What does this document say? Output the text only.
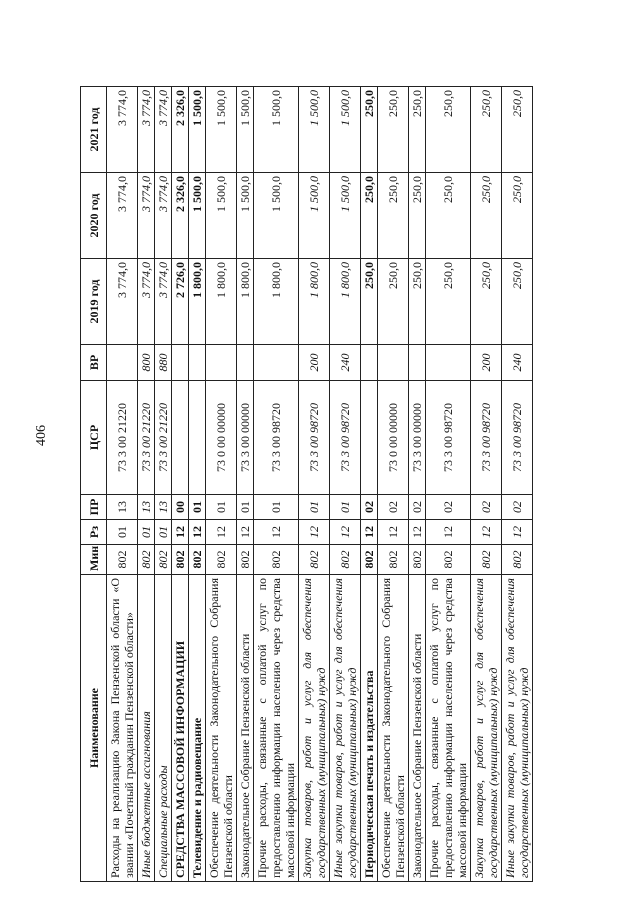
406
Наименование	Мин	Рз	ПР	ЦСР	ВР	2019 год	2020 год	2021 год
Расходы на реализацию Закона Пензенской области «О звании «Почетный гражданин Пензенской области»	802	01	13	73 3 00 21220		3 774,0	3 774,0	3 774,0
Иные бюджетные ассигнования	802	01	13	73 3 00 21220	800	3 774,0	3 774,0	3 774,0
Специальные расходы	802	01	13	73 3 00 21220	880	3 774,0	3 774,0	3 774,0
СРЕДСТВА МАССОВОЙ ИНФОРМАЦИИ	802	12	00			2 726,0	2 326,0	2 326,0
Телевидение и радиовещание	802	12	01			1 800,0	1 500,0	1 500,0
Обеспечение деятельности Законодательного Собрания Пензенской области	802	12	01	73 0 00 00000		1 800,0	1 500,0	1 500,0
Законодательное Собрание Пензенской области	802	12	01	73 3 00 00000		1 800,0	1 500,0	1 500,0
Прочие расходы, связанные с оплатой услуг по предоставлению информации населению через средства массовой информации	802	12	01	73 3 00 98720		1 800,0	1 500,0	1 500,0
Закупка товаров, работ и услуг для обеспечения государственных (муниципальных) нужд	802	12	01	73 3 00 98720	200	1 800,0	1 500,0	1 500,0
Иные закупки товаров, работ и услуг для обеспечения государственных (муниципальных) нужд	802	12	01	73 3 00 98720	240	1 800,0	1 500,0	1 500,0
Периодическая печать и издательства	802	12	02			250,0	250,0	250,0
Обеспечение деятельности Законодательного Собрания Пензенской области	802	12	02	73 0 00 00000		250,0	250,0	250,0
Законодательное Собрание Пензенской области	802	12	02	73 3 00 00000		250,0	250,0	250,0
Прочие расходы, связанные с оплатой услуг по предоставлению информации населению через средства массовой информации	802	12	02	73 3 00 98720		250,0	250,0	250,0
Закупка товаров, работ и услуг для обеспечения государственных (муниципальных) нужд	802	12	02	73 3 00 98720	200	250,0	250,0	250,0
Иные закупки товаров, работ и услуг для обеспечения государственных (муниципальных) нужд	802	12	02	73 3 00 98720	240	250,0	250,0	250,0
